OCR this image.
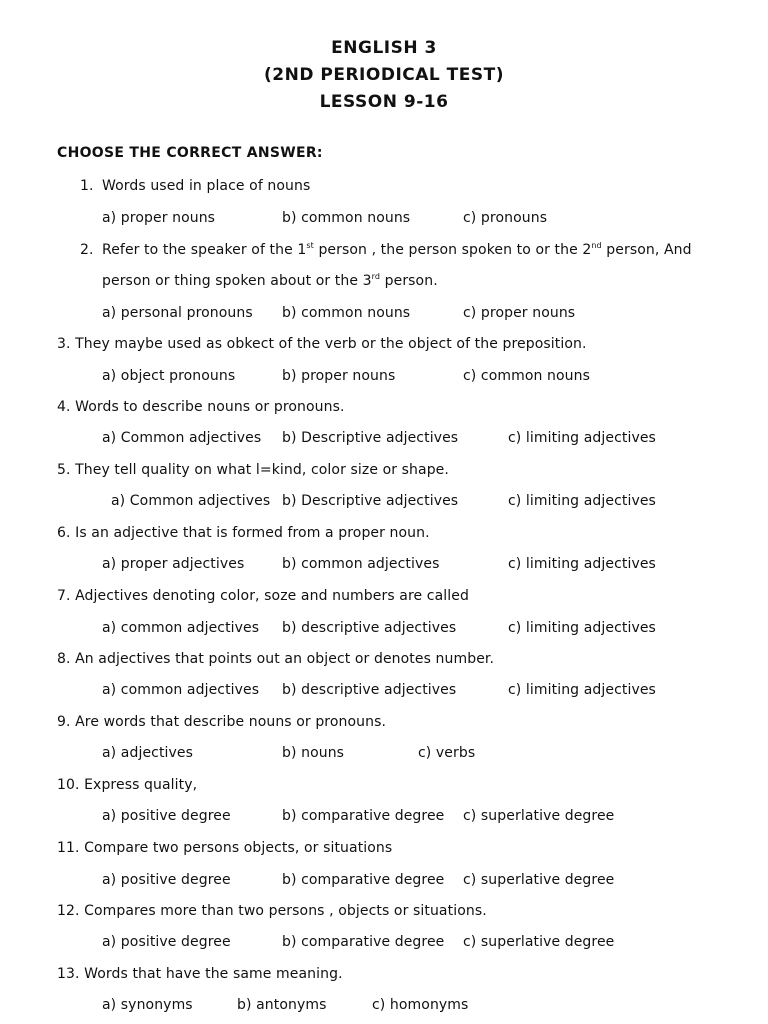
ENGLISH 3
(2ND PERIODICAL TEST)
LESSON 9-16
CHOOSE THE CORRECT ANSWER:
1. Words used in place of nouns
a) proper nouns	b) common nouns	c) pronouns
2. Refer to the speaker of the 1st person , the person spoken to or the 2nd person, And
person or thing spoken about or the 3rd person.
a) personal pronouns b) common nouns	c) proper nouns
3. They maybe used as obkect of the verb or the object of the preposition.
a) object pronouns	b) proper nouns	c) common nouns
4. Words to describe nouns or pronouns.
a) Common adjectives b) Descriptive adjectives	c) limiting adjectives
5. They tell quality on what l=kind, color size or shape.
a) Common adjectives b) Descriptive adjectives	c) limiting adjectives
6. Is an adjective that is formed from a proper noun.
a) proper adjectives	b) common adjectives	c) limiting adjectives
7. Adjectives denoting color, soze and numbers are called
a) common adjectives b) descriptive adjectives	c) limiting adjectives
8. An adjectives that points out an object or denotes number.
a) common adjectives b) descriptive adjectives	c) limiting adjectives
9. Are words that describe nouns or pronouns.
a) adjectives	b) nouns	c) verbs
10. Express quality,
a) positive degree	b) comparative degree c) superlative degree
11. Compare two persons objects, or situations
a) positive degree	b) comparative degree c) superlative degree
12. Compares more than two persons , objects or situations.
a) positive degree	b) comparative degree c) superlative degree
13. Words that have the same meaning.
a) synonyms	b) antonyms	c) homonyms
